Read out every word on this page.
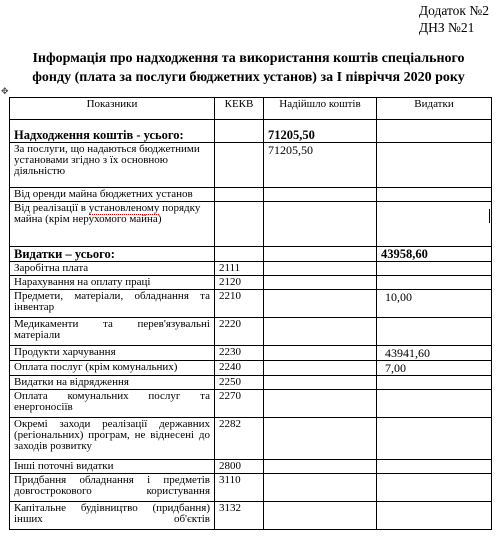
Додаток №2
ДНЗ №21
Інформація про надходження та використання коштів спеціального
фонду (плата за послуги бюджетних установ) за І півріччя 2020 року
✥
Показники	КЕКВ	Надійшло коштів	Видатки

Надходження коштів - усього:		71205,50	
За послуги, що надаються бюджетними установами згідно з їх основною діяльністю		71205,50	
Від оренди майна бюджетних установ			
Від реалізації в установленому порядку майна (крім нерухомого майна)			
Видатки – усього:			43958,60
Заробітна плата	2111		
Нарахування на оплату праці	2120		
Предмети, матеріали, обладнання та інвентар	2210		10,00
Медикаменти та перев'язувальні матеріали	2220		
Продукти харчування	2230		43941,60
Оплата послуг (крім комунальних)	2240		7,00
Видатки на відрядження	2250		
Оплата комунальних послуг та енергоносіїв	2270		
Окремі заходи реалізації державних (регіональних) програм, не віднесені до заходів розвитку	2282		
Інші поточні видатки	2800		
Придбання обладнання і предметів довгострокового користування	3110		
Капітальне будівництво (придбання) інших об'єктів	3132		
